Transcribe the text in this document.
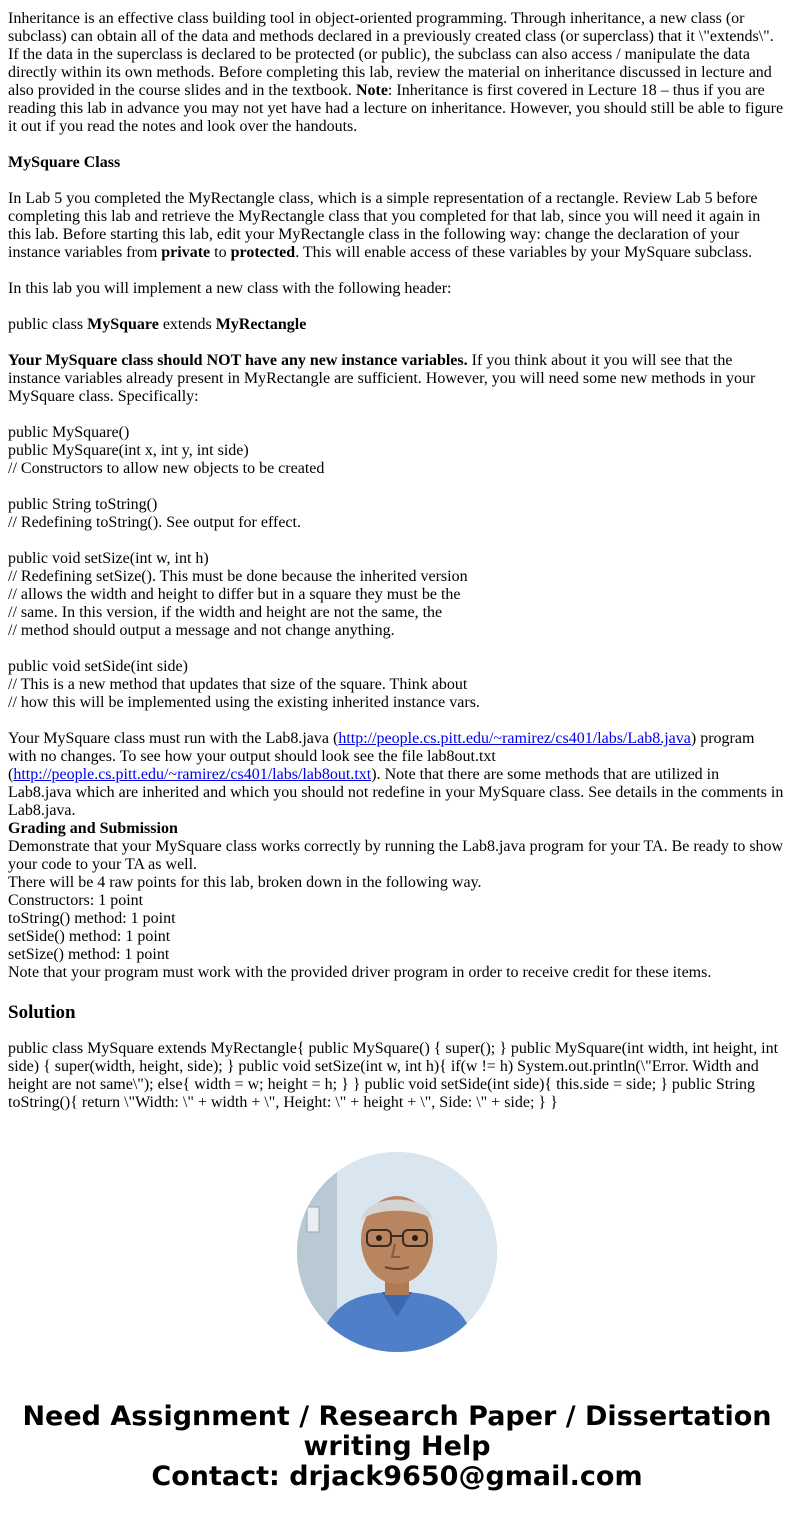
Inheritance is an effective class building tool in object-oriented programming. Through inheritance, a new class (or subclass) can obtain all of the data and methods declared in a previously created class (or superclass) that it \"extends\". If the data in the superclass is declared to be protected (or public), the subclass can also access / manipulate the data directly within its own methods. Before completing this lab, review the material on inheritance discussed in lecture and also provided in the course slides and in the textbook. Note: Inheritance is first covered in Lecture 18 – thus if you are reading this lab in advance you may not yet have had a lecture on inheritance. However, you should still be able to figure it out if you read the notes and look over the handouts.

MySquare Class

In Lab 5 you completed the MyRectangle class, which is a simple representation of a rectangle. Review Lab 5 before completing this lab and retrieve the MyRectangle class that you completed for that lab, since you will need it again in this lab. Before starting this lab, edit your MyRectangle class in the following way: change the declaration of your instance variables from private to protected. This will enable access of these variables by your MySquare subclass.

In this lab you will implement a new class with the following header:

public class MySquare extends MyRectangle

Your MySquare class should NOT have any new instance variables. If you think about it you will see that the instance variables already present in MyRectangle are sufficient. However, you will need some new methods in your MySquare class. Specifically:

public MySquare()

public MySquare(int x, int y, int side)

// Constructors to allow new objects to be created

public String toString()

// Redefining toString(). See output for effect.

public void setSize(int w, int h)

// Redefining setSize(). This must be done because the inherited version

// allows the width and height to differ but in a square they must be the

// same. In this version, if the width and height are not the same, the

// method should output a message and not change anything.

public void setSide(int side)

// This is a new method that updates that size of the square. Think about

// how this will be implemented using the existing inherited instance vars.

Your MySquare class must run with the Lab8.java (http://people.cs.pitt.edu/~ramirez/cs401/labs/Lab8.java) program with no changes. To see how your output should look see the file lab8out.txt (http://people.cs.pitt.edu/~ramirez/cs401/labs/lab8out.txt). Note that there are some methods that are utilized in Lab8.java which are inherited and which you should not redefine in your MySquare class. See details in the comments in Lab8.java.

Grading and Submission

Demonstrate that your MySquare class works correctly by running the Lab8.java program for your TA. Be ready to show your code to your TA as well.

There will be 4 raw points for this lab, broken down in the following way.

Constructors: 1 point

toString() method: 1 point

setSide() method: 1 point

setSize() method: 1 point

Note that your program must work with the provided driver program in order to receive credit for these items.

Solution

public class MySquare extends MyRectangle{ public MySquare() { super(); } public MySquare(int width, int height, int side) { super(width, height, side); } public void setSize(int w, int h){ if(w != h) System.out.println(\"Error. Width and height are not same\"); else{ width = w; height = h; } } public void setSide(int side){ this.side = side; } public String toString(){ return \"Width: \" + width + \", Height: \" + height + \", Side: \" + side; } }

Need Assignment / Research Paper / Dissertation
writing Help
Contact: drjack9650@gmail.com
